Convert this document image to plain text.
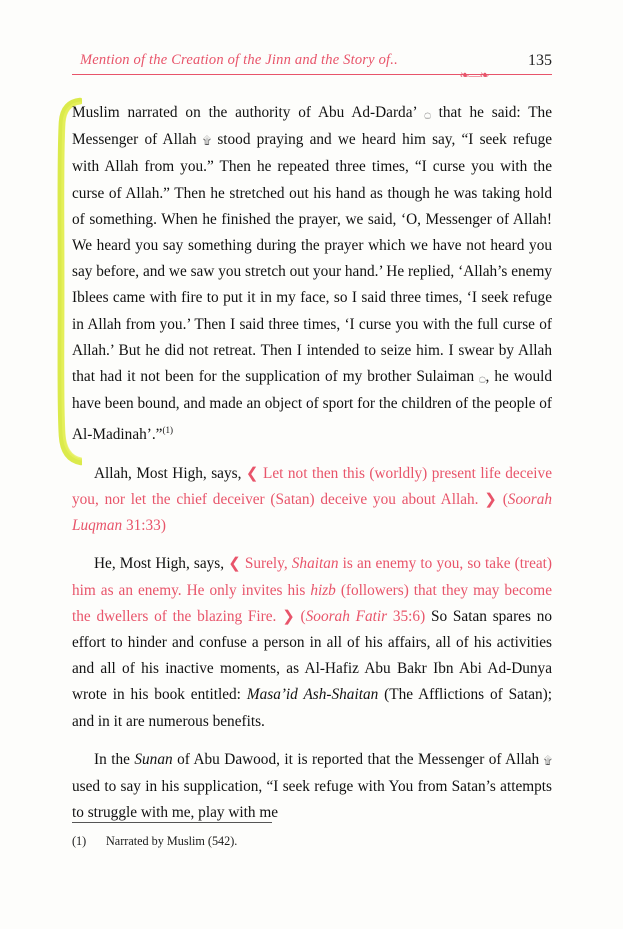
Mention of the Creation of the Jinn and the Story of..	135
❧—❧

Muslim narrated on the authority of Abu Ad-Darda’ ۝ that he said: The Messenger of Allah ۩ stood praying and we heard him say, “I seek refuge with Allah from you.” Then he repeated three times, “I curse you with the curse of Allah.” Then he stretched out his hand as though he was taking hold of something. When he finished the prayer, we said, ‘O, Messenger of Allah! We heard you say something during the prayer which we have not heard you say before, and we saw you stretch out your hand.’ He replied, ‘Allah’s enemy Iblees came with fire to put it in my face, so I said three times, ‘I seek refuge in Allah from you.’ Then I said three times, ‘I curse you with the full curse of Allah.’ But he did not retreat. Then I intended to seize him. I swear by Allah that had it not been for the supplication of my brother Sulaiman ۝, he would have been bound, and made an object of sport for the children of the people of Al-Madinah’.”$^{(1)}$

Allah, Most High, says, ❮ Let not then this (worldly) present life deceive you, nor let the chief deceiver (Satan) deceive you about Allah. ❯ (Soorah Luqman 31:33)

He, Most High, says, ❮ Surely, Shaitan is an enemy to you, so take (treat) him as an enemy. He only invites his hizb (followers) that they may become the dwellers of the blazing Fire. ❯ (Soorah Fatir 35:6) So Satan spares no effort to hinder and confuse a person in all of his affairs, all of his activities and all of his inactive moments, as Al-Hafiz Abu Bakr Ibn Abi Ad-Dunya wrote in his book entitled: Masa’id Ash-Shaitan (The Afflictions of Satan); and in it are numerous benefits.

In the Sunan of Abu Dawood, it is reported that the Messenger of Allah ۩ used to say in his supplication, “I seek refuge with You from Satan’s attempts to struggle with me, play with me

(1) Narrated by Muslim (542).
